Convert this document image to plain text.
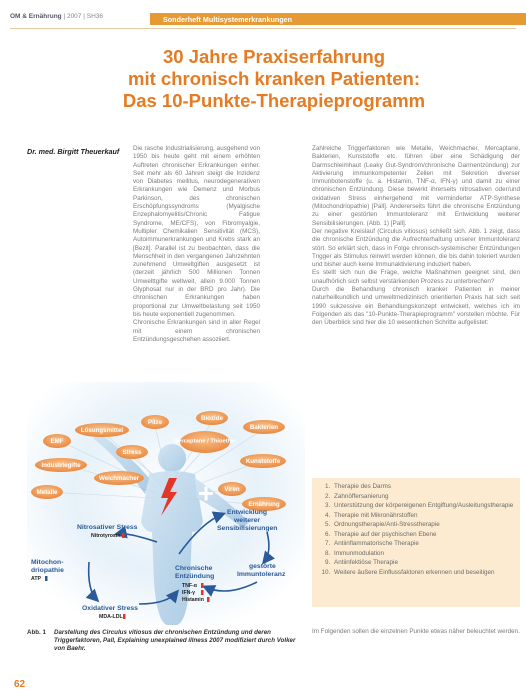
OM & Ernährung | 2007 | SH36	Sonderheft Multisystemerkrankungen
30 Jahre Praxiserfahrung
mit chronisch kranken Patienten:
Das 10-Punkte-Therapieprogramm
Dr. med. Birgitt Theuerkauf Die rasche Industrialisierung, ausgehend von 1950 bis heute geht mit einem erhöhten Auftreten chronischer Erkrankungen einher. Seit mehr als 60 Jahren steigt die Inzidenz von Diabetes mellitus, neurodegenerativen Erkrankungen wie Demenz und Morbus Parkinson, des chronischen Erschöpfungssyndroms (Myalgische Enzephalomyelitis/Chronic Fatigue Syndrome, ME/CFS), von Fibromyalgie, Multipler Chemikalien Sensitivität (MCS), Autoimmunerkrankungen und Krebs stark an [Bezit]. Parallel ist zu beobachten, dass die Menschheit in den vergangenen Jahrzehnten zunehmend Umweltgiften ausgesetzt ist (derzeit jährlich 500 Millionen Tonnen Umwelttgifte weltweit, allein 9.000 Tonnen Glyphosat nur in der BRD pro Jahr). Die chronischen Erkrankungen haben proportional zur Umweltbelastung seit 1950 bis heute exponentiell zugenommen.

Chronische Erkrankungen sind in aller Regel mit einem chronischen Entzündungsgeschehen assoziiert.

Zahlreiche Triggerfaktoren wie Metalle, Weichmacher, Mercaptane, Bakterien, Kunststoffe etc. führen über eine Schädigung der Darmschleimhaut (Leaky Gut-Syndrom/chronische Darmentzündung) zur Aktivierung immunkompetenter Zellen mit Sekretion diverser Immunbotenstoffe (u. a. Histamin, TNF-α, IFN-γ) und damit zu einer chronischen Entzündung. Diese bewirkt ihrerseits nitrosativen oder/und oxidativen Stress einhergehend mit verminderter ATP-Synthese (Mitochondriopathie) [Pall]. Andererseits führt die chronische Entzündung zu einer gestörten Immuntoleranz mit Entwicklung weiterer Sensibilisierungen. (Abb. 1) [Pall].

Der negative Kreislauf (Circulus vitiosus) schließt sich. Abb. 1 zeigt, dass die chronische Entzündung die Aufrechterhaltung unserer Immuntoleranz stört. So erklärt sich, dass in Folge chronisch-systemischer Entzündungen Trigger als Stimulus reinwirt werden können, die bis dahin toleriert wurden und bisher auch keine Immunaktivierung induziert haben.

Es stellt sich nun die Frage, welche Maßnahmen geeignet sind, den unaufhörlich sich selbst verstärkenden Prozess zu unterbrechen?

Durch die Behandlung chronisch kranker Patienten in meiner naturheilkundlich und umweltmedizinisch orientierten Praxis hat sich seit 1990 sukzessive ein Behandlungskonzept entwickelt, welches ich im Folgenden als das "10-Punkte-Therapieprogramm" vorstellen möchte. Für den Überblick sind hier die 10 wesentlichen Schritte aufgelistet:

1. Therapie des Darms
2. Zahnöffersanierung
3. Unterstützung der körpereigenen Entgiftung/Ausleitungstherapie
4. Therapie mit Mikronährstoffen
5. Ordnungstherapie/Anti-Stresstherapie
6. Therapie auf der psychischen Ebene
7. Antiinflammatorische Therapie
8. Immunmodulation
9. Antiinfektiöse Therapie
10. Weitere äußere Einflussfaktoren erkennen und beseitigen
Im Folgenden sollen die einzelnen Punkte etwas näher beleuchtet werden.
Pilze
Biozide
Lösungsmittel
Mercaptane / Thioether
Bakterien
EMF
Stress
Kunststoffe
Industriegifte
Viren
Weichmacher
Ernährung
Metalle
Nitrosativer Stress
Nitrotyrosin
Mitochon-
driopathie
ATP
Oxidativer Stress
MDA-LDL
Entwicklung
weiterer
Sensibilisierungen
gestörte
Immuntoleranz
Chronische
Entzündung
TNF-α
IFN-γ
Histamin
Abb. 1 Darstellung des Circulus vitiosus der chronischen Entzündung und deren Triggerfaktoren, Pall, Explaining unexplained illness 2007 modifiziert durch Volker von Baehr.
62
